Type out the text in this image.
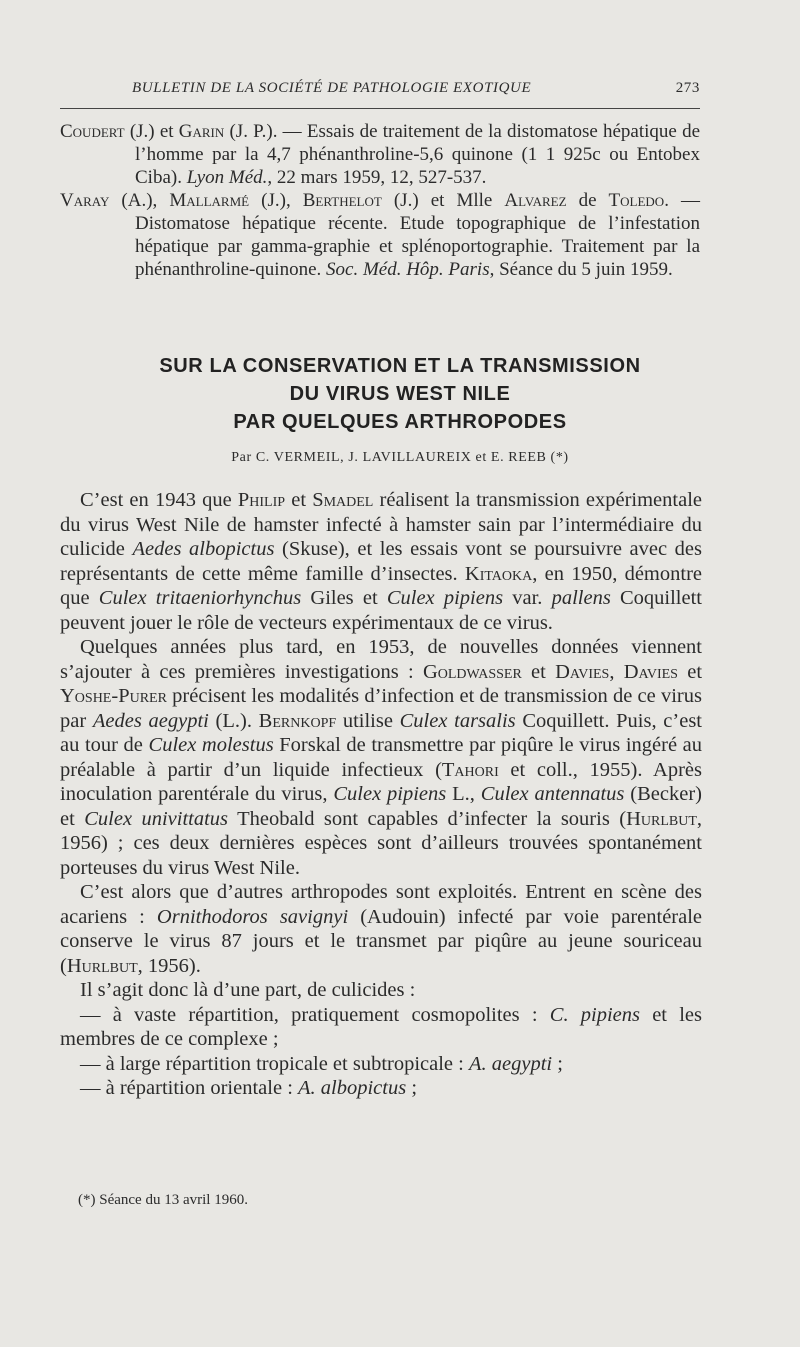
BULLETIN DE LA SOCIÉTÉ DE PATHOLOGIE EXOTIQUE	273

Coudert (J.) et Garin (J. P.). — Essais de traitement de la distomatose hépatique de l’homme par la 4,7 phénanthroline-5,6 quinone (1 1 925c ou Entobex Ciba). Lyon Méd., 22 mars 1959, 12, 527-537.

Varay (A.), Mallarmé (J.), Berthelot (J.) et Mlle Alvarez de Toledo. — Distomatose hépatique récente. Etude topographique de l’infestation hépatique par gamma-graphie et splénoportographie. Traitement par la phénanthroline-quinone. Soc. Méd. Hôp. Paris, Séance du 5 juin 1959.

SUR LA CONSERVATION ET LA TRANSMISSION
DU VIRUS WEST NILE
PAR QUELQUES ARTHROPODES
Par C. VERMEIL, J. LAVILLAUREIX et E. REEB (*)

C’est en 1943 que Philip et Smadel réalisent la transmission expérimentale du virus West Nile de hamster infecté à hamster sain par l’intermédiaire du culicide Aedes albopictus (Skuse), et les essais vont se poursuivre avec des représentants de cette même famille d’insectes. Kitaoka, en 1950, démontre que Culex tritaeniorhynchus Giles et Culex pipiens var. pallens Coquillett peuvent jouer le rôle de vecteurs expérimentaux de ce virus.

Quelques années plus tard, en 1953, de nouvelles données viennent s’ajouter à ces premières investigations : Goldwasser et Davies, Davies et Yoshe-Purer précisent les modalités d’infection et de transmission de ce virus par Aedes aegypti (L.). Bernkopf utilise Culex tarsalis Coquillett. Puis, c’est au tour de Culex molestus Forskal de transmettre par piqûre le virus ingéré au préalable à partir d’un liquide infectieux (Tahori et coll., 1955). Après inoculation parentérale du virus, Culex pipiens L., Culex antennatus (Becker) et Culex univittatus Theobald sont capables d’infecter la souris (Hurlbut, 1956) ; ces deux dernières espèces sont d’ailleurs trouvées spontanément porteuses du virus West Nile.

C’est alors que d’autres arthropodes sont exploités. Entrent en scène des acariens : Ornithodoros savignyi (Audouin) infecté par voie parentérale conserve le virus 87 jours et le transmet par piqûre au jeune souriceau (Hurlbut, 1956).

Il s’agit donc là d’une part, de culicides :

— à vaste répartition, pratiquement cosmopolites : C. pipiens et les membres de ce complexe ;

— à large répartition tropicale et subtropicale : A. aegypti ;

— à répartition orientale : A. albopictus ;

(*) Séance du 13 avril 1960.
